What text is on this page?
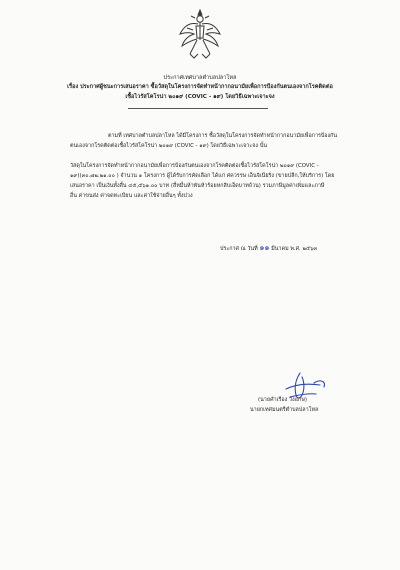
ประกาศเทศบาลตำบลปลาโหล
เรื่อง ประกาศผู้ชนะการเสนอราคา ซื้อวัสดุในโครงการจัดทำหน้ากากอนามัยเพื่อการป้องกันตนเองจากโรคติดต่อ
เชื้อไวรัสโคโรน่า ๒๐๑๙ (COVIC - ๑๙) โดยวิธีเฉพาะเจาะจง
ตามที่ เทศบาลตำบลปลาโหล ได้มีโครงการ ซื้อวัสดุในโครงการจัดทำหน้ากากอนามัยเพื่อการป้องกัน
ตนเองจากโรคติดต่อเชื้อไวรัสโคโรน่า ๒๐๑๙ (COVIC - ๑๙) โดยวิธีเฉพาะเจาะจง นั้น
วัสดุในโครงการจัดทำหน้ากากอนามัยเพื่อการป้องกันตนเองจากโรคติดต่อเชื้อไวรัสโคโรน่า ๒๐๑๙ (COVIC -
๑๙)(๓๐.๗๒.๒๑.๐๐ ) จำนวน ๑ โครงการ ผู้ได้รับการคัดเลือก ได้แก่ ศควรรษ เอ็นจิเนียริ่ง (ขายปลีก,ให้บริการ) โดย
เสนอราคา เป็นเงินทั้งสิ้น ๔๕,๕๖๑.๐๐ บาท (สี่หมื่นห้าพันห้าร้อยหกสิบเอ็ดบาทถ้วน) รวมภาษีมูลค่าเพิ่มและภาษี
อื่น ค่าขนส่ง ค่าจดทะเบียน และค่าใช้จ่ายอื่นๆ ทั้งปวง
ประกาศ ณ วันที่ ๑๑ มีนาคม พ.ศ. ๒๕๖๓
(นายคำเรือง วังแกษ)
นายกเทศมนตรีตำบลปลาโหล
